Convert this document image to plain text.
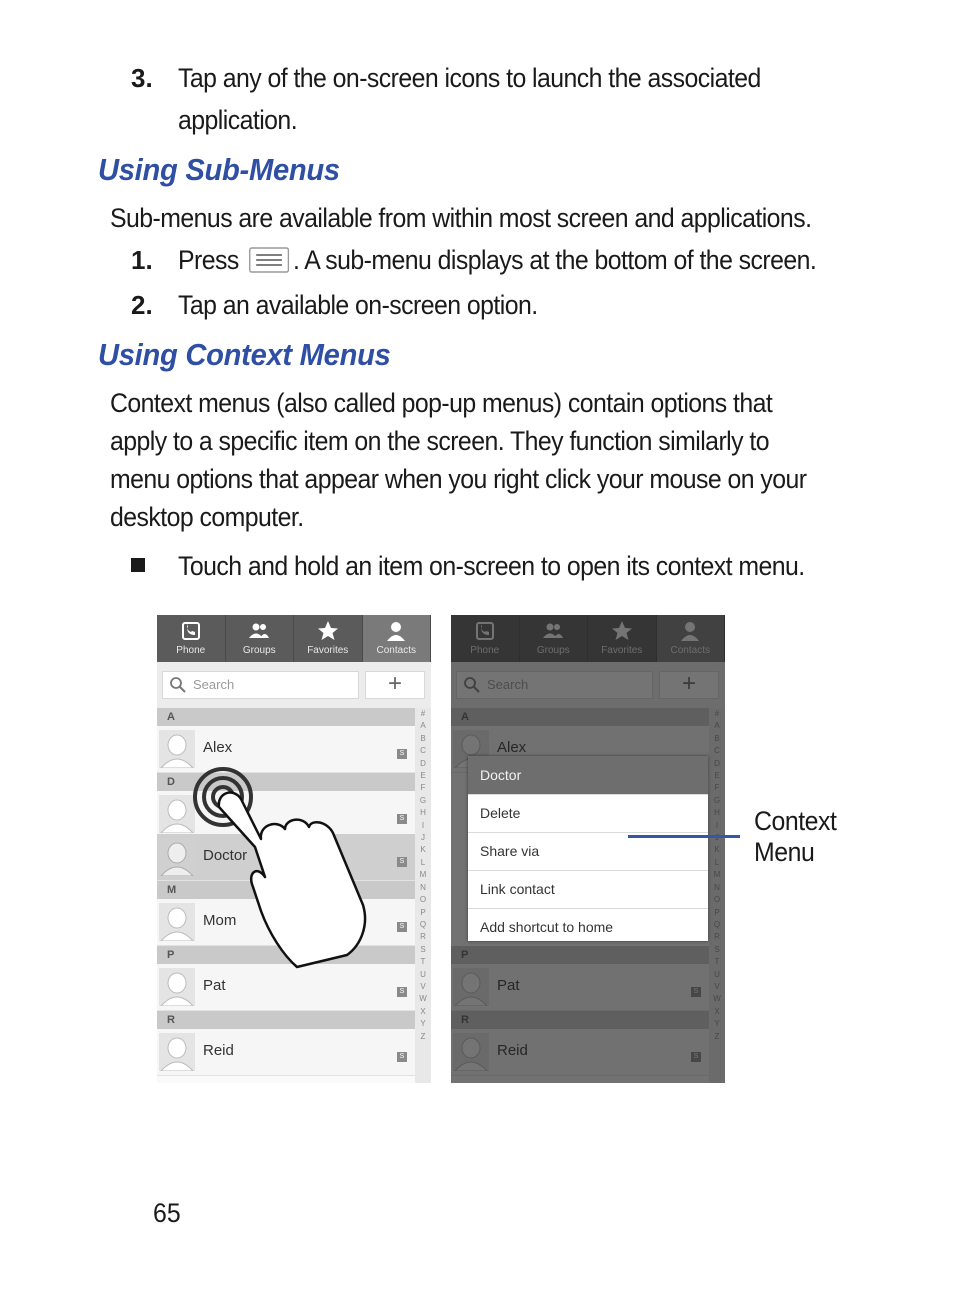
3. Tap any of the on-screen icons to launch the associated
application.
Using Sub-Menus
Sub-menus are available from within most screen and applications.
1. Press . A sub-menu displays at the bottom of the screen.
2. Tap an available on-screen option.
Using Context Menus
Context menus (also called pop-up menus) contain options that
apply to a specific item on the screen. They function similarly to
menu options that appear when you right click your mouse on your
desktop computer.
Touch and hold an item on-screen to open its context menu.
Phone	Groups	Favorites	Contacts
Search	+
A
Alex	S
D
S
Doctor	S
M
Mom	S
P
Pat	S
R
Reid	S
#
A
B
C
D
E
F
G
H
I
J
K
L
M
N
O
P
Q
R
S
T
U
V
W
X
Y
Z
Doctor
Delete
Share via
Link contact
Add shortcut to home
Context
Menu
65
